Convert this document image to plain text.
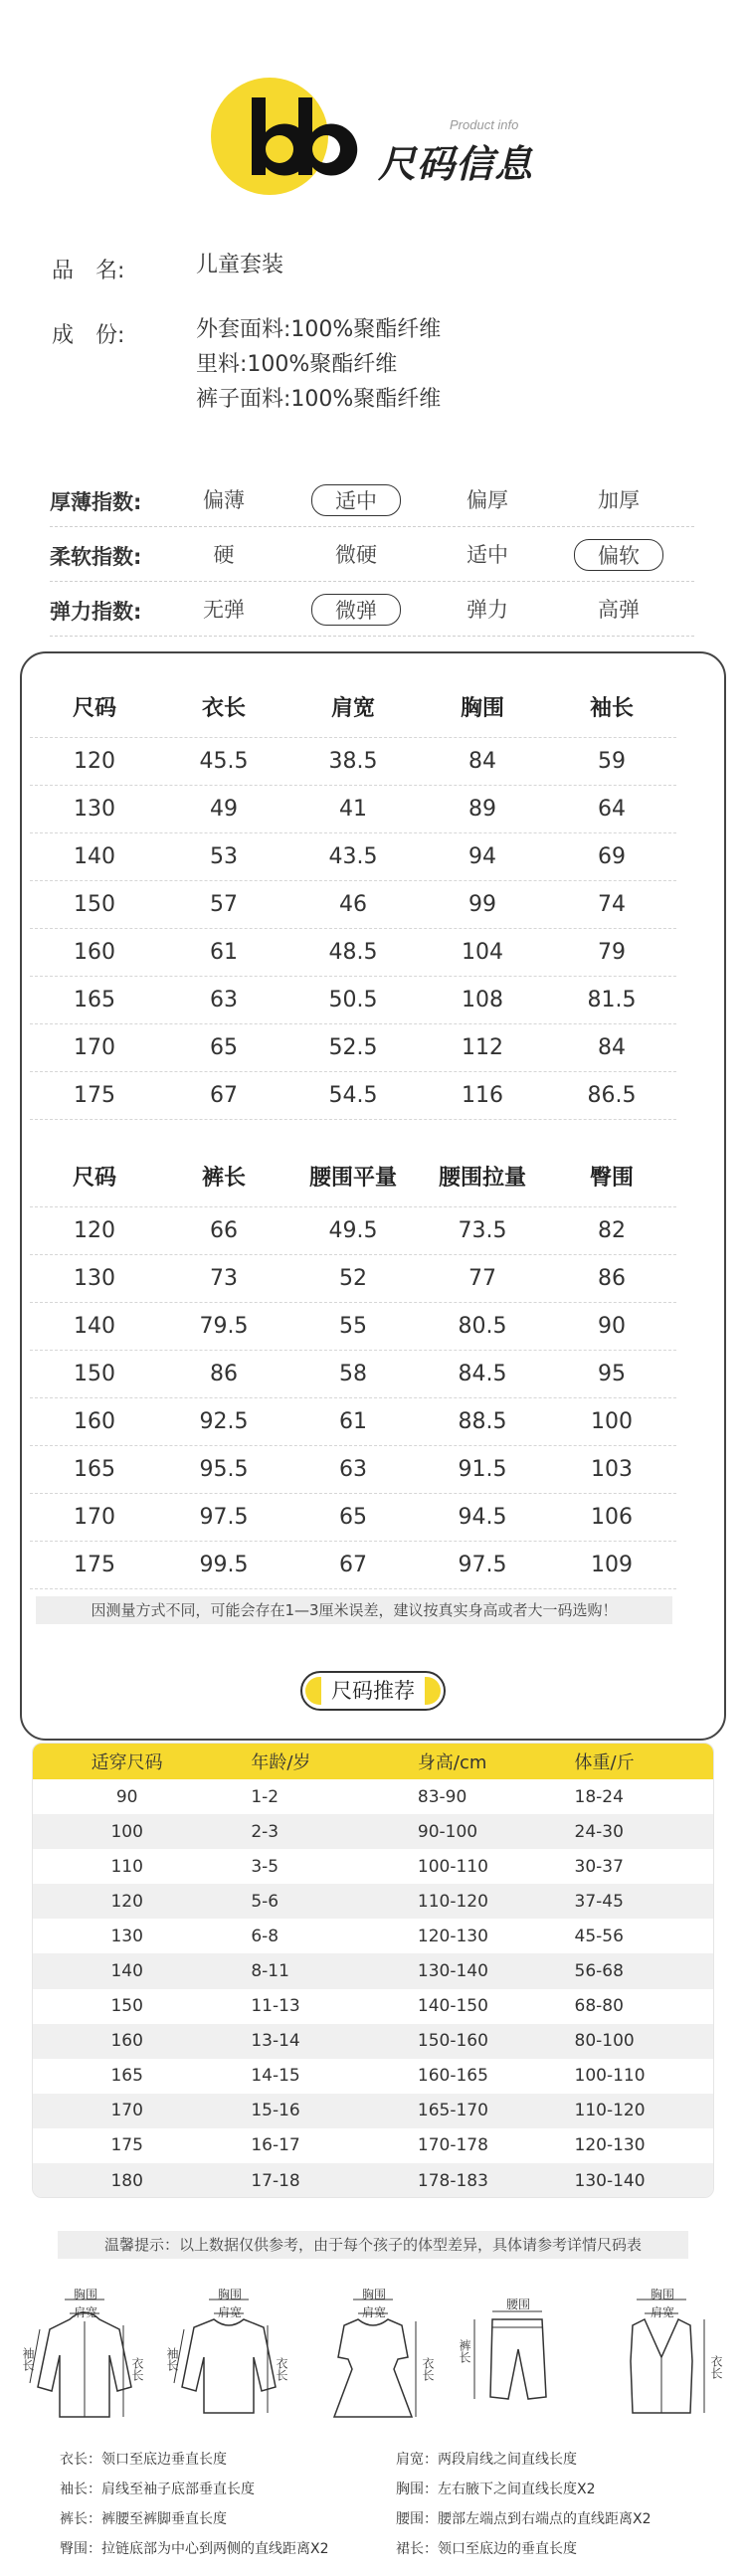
Product info
尺码信息
品　名:	儿童套装
成　份:	外套面料:100%聚酯纤维
里料:100%聚酯纤维
裤子面料:100%聚酯纤维
厚薄指数:	偏薄	适中	偏厚	加厚
柔软指数:	硬	微硬	适中	偏软
弹力指数:	无弹	微弹	弹力	高弹
尺码	衣长	肩宽	胸围	袖长
120	45.5	38.5	84	59
130	49	41	89	64
140	53	43.5	94	69
150	57	46	99	74
160	61	48.5	104	79
165	63	50.5	108	81.5
170	65	52.5	112	84
175	67	54.5	116	86.5
尺码	裤长	腰围平量	腰围拉量	臀围
120	66	49.5	73.5	82
130	73	52	77	86
140	79.5	55	80.5	90
150	86	58	84.5	95
160	92.5	61	88.5	100
165	95.5	63	91.5	103
170	97.5	65	94.5	106
175	99.5	67	97.5	109
因测量方式不同，可能会存在1—3厘米误差，建议按真实身高或者大一码选购！
尺码推荐
适穿尺码	年龄/岁	身高/cm	体重/斤
90	1-2	83-90	18-24
100	2-3	90-100	24-30
110	3-5	100-110	30-37
120	5-6	110-120	37-45
130	6-8	120-130	45-56
140	8-11	130-140	56-68
150	11-13	140-150	68-80
160	13-14	150-160	80-100
165	14-15	160-165	100-110
170	15-16	165-170	110-120
175	16-17	170-178	120-130
180	17-18	178-183	130-140
温馨提示：以上数据仅供参考，由于每个孩子的体型差异，具体请参考详情尺码表
胸围
肩宽
袖长	衣长
胸围
肩宽
袖长	衣长
胸围
肩宽
衣长
腰围
裤长
胸围
肩宽
衣长
衣长：领口至底边垂直长度
袖长：肩线至袖子底部垂直长度
裤长：裤腰至裤脚垂直长度
臀围：拉链底部为中心到两侧的直线距离X2
肩宽：两段肩线之间直线长度
胸围：左右腋下之间直线长度X2
腰围：腰部左端点到右端点的直线距离X2
裙长：领口至底边的垂直长度
